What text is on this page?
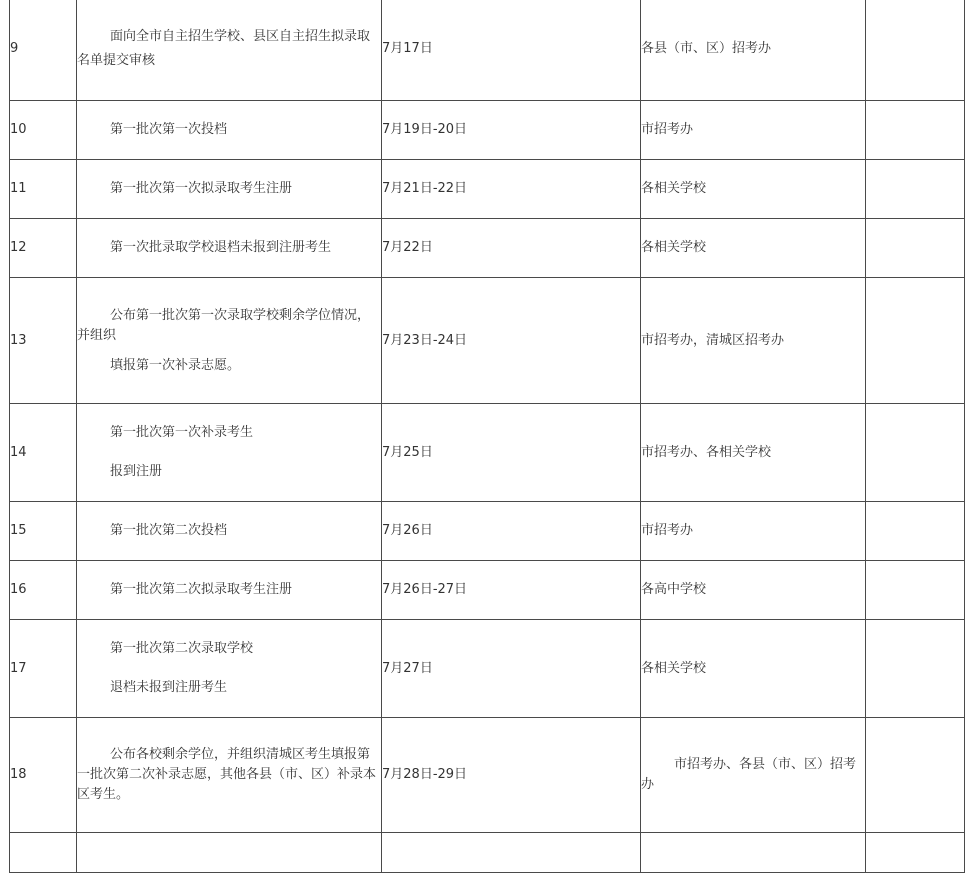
9	面向全市自主招生学校、县区自主招生拟录取名单提交审核	7月17日	各县（市、区）招考办	
10	第一批次第一次投档	7月19日-20日	市招考办	
11	第一批次第一次拟录取考生注册	7月21日-22日	各相关学校	
12	第一次批录取学校退档未报到注册考生	7月22日	各相关学校	
13	公布第一批次第一次录取学校剩余学位情况，并组织
填报第一次补录志愿。	7月23日-24日	市招考办，清城区招考办	
14	第一批次第一次补录考生
报到注册	7月25日	市招考办、各相关学校	
15	第一批次第二次投档	7月26日	市招考办	
16	第一批次第二次拟录取考生注册	7月26日-27日	各高中学校	
17	第一批次第二次录取学校
退档未报到注册考生	7月27日	各相关学校	
18	公布各校剩余学位，并组织清城区考生填报第一批次第二次补录志愿，其他各县（市、区）补录本区考生。	7月28日-29日	市招考办、各县（市、区）招考办	
